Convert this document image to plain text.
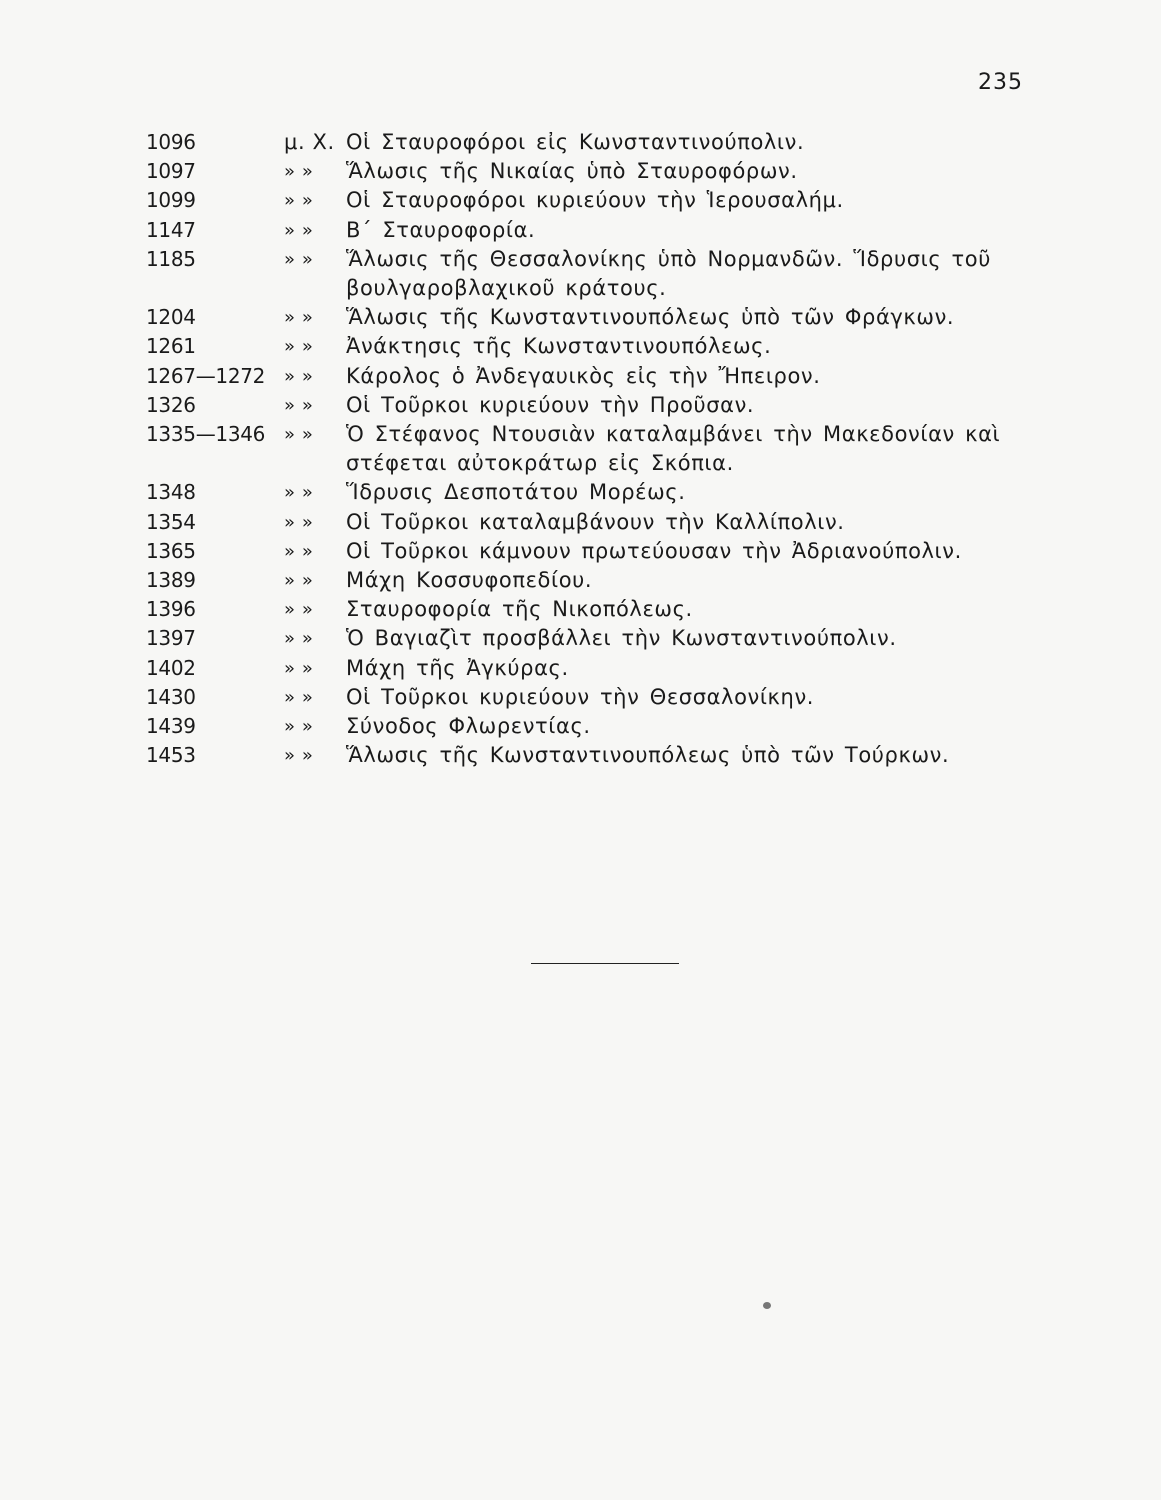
235
1096	μ. Χ. Οἱ Σταυροφόροι εἰς Κωνσταντινούπολιν.
1097	» »	Ἅλωσις τῆς Νικαίας ὑπὸ Σταυροφόρων.
1099	» »	Οἱ Σταυροφόροι κυριεύουν τὴν Ἱερουσαλήμ.
1147	» »	Β΄ Σταυροφορία.
1185	» »	Ἅλωσις τῆς Θεσσαλονίκης ὑπὸ Νορμανδῶν. Ἵδρυσις τοῦ βουλγαροβλαχικοῦ κράτους.
1204	» »	Ἅλωσις τῆς Κωνσταντινουπόλεως ὑπὸ τῶν Φράγκων.
1261	» »	Ἀνάκτησις τῆς Κωνσταντινουπόλεως.
1267—1272	» »	Κάρολος ὁ Ἀνδεγαυικὸς εἰς τὴν Ἤπειρον.
1326	» »	Οἱ Τοῦρκοι κυριεύουν τὴν Προῦσαν.
1335—1346	» »	Ὁ Στέφανος Ντουσιὰν καταλαμβάνει τὴν Μακεδονίαν καὶ στέφεται αὐτοκράτωρ εἰς Σκόπια.
1348	» »	Ἵδρυσις Δεσποτάτου Μορέως.
1354	» »	Οἱ Τοῦρκοι καταλαμβάνουν τὴν Καλλίπολιν.
1365	» »	Οἱ Τοῦρκοι κάμνουν πρωτεύουσαν τὴν Ἀδριανούπολιν.
1389	» »	Μάχη Κοσσυφοπεδίου.
1396	» »	Σταυροφορία τῆς Νικοπόλεως.
1397	» »	Ὁ Βαγιαζὶτ προσβάλλει τὴν Κωνσταντινούπολιν.
1402	» »	Μάχη τῆς Ἀγκύρας.
1430	» »	Οἱ Τοῦρκοι κυριεύουν τὴν Θεσσαλονίκην.
1439	» »	Σύνοδος Φλωρεντίας.
1453	» »	Ἅλωσις τῆς Κωνσταντινουπόλεως ὑπὸ τῶν Τούρκων.
